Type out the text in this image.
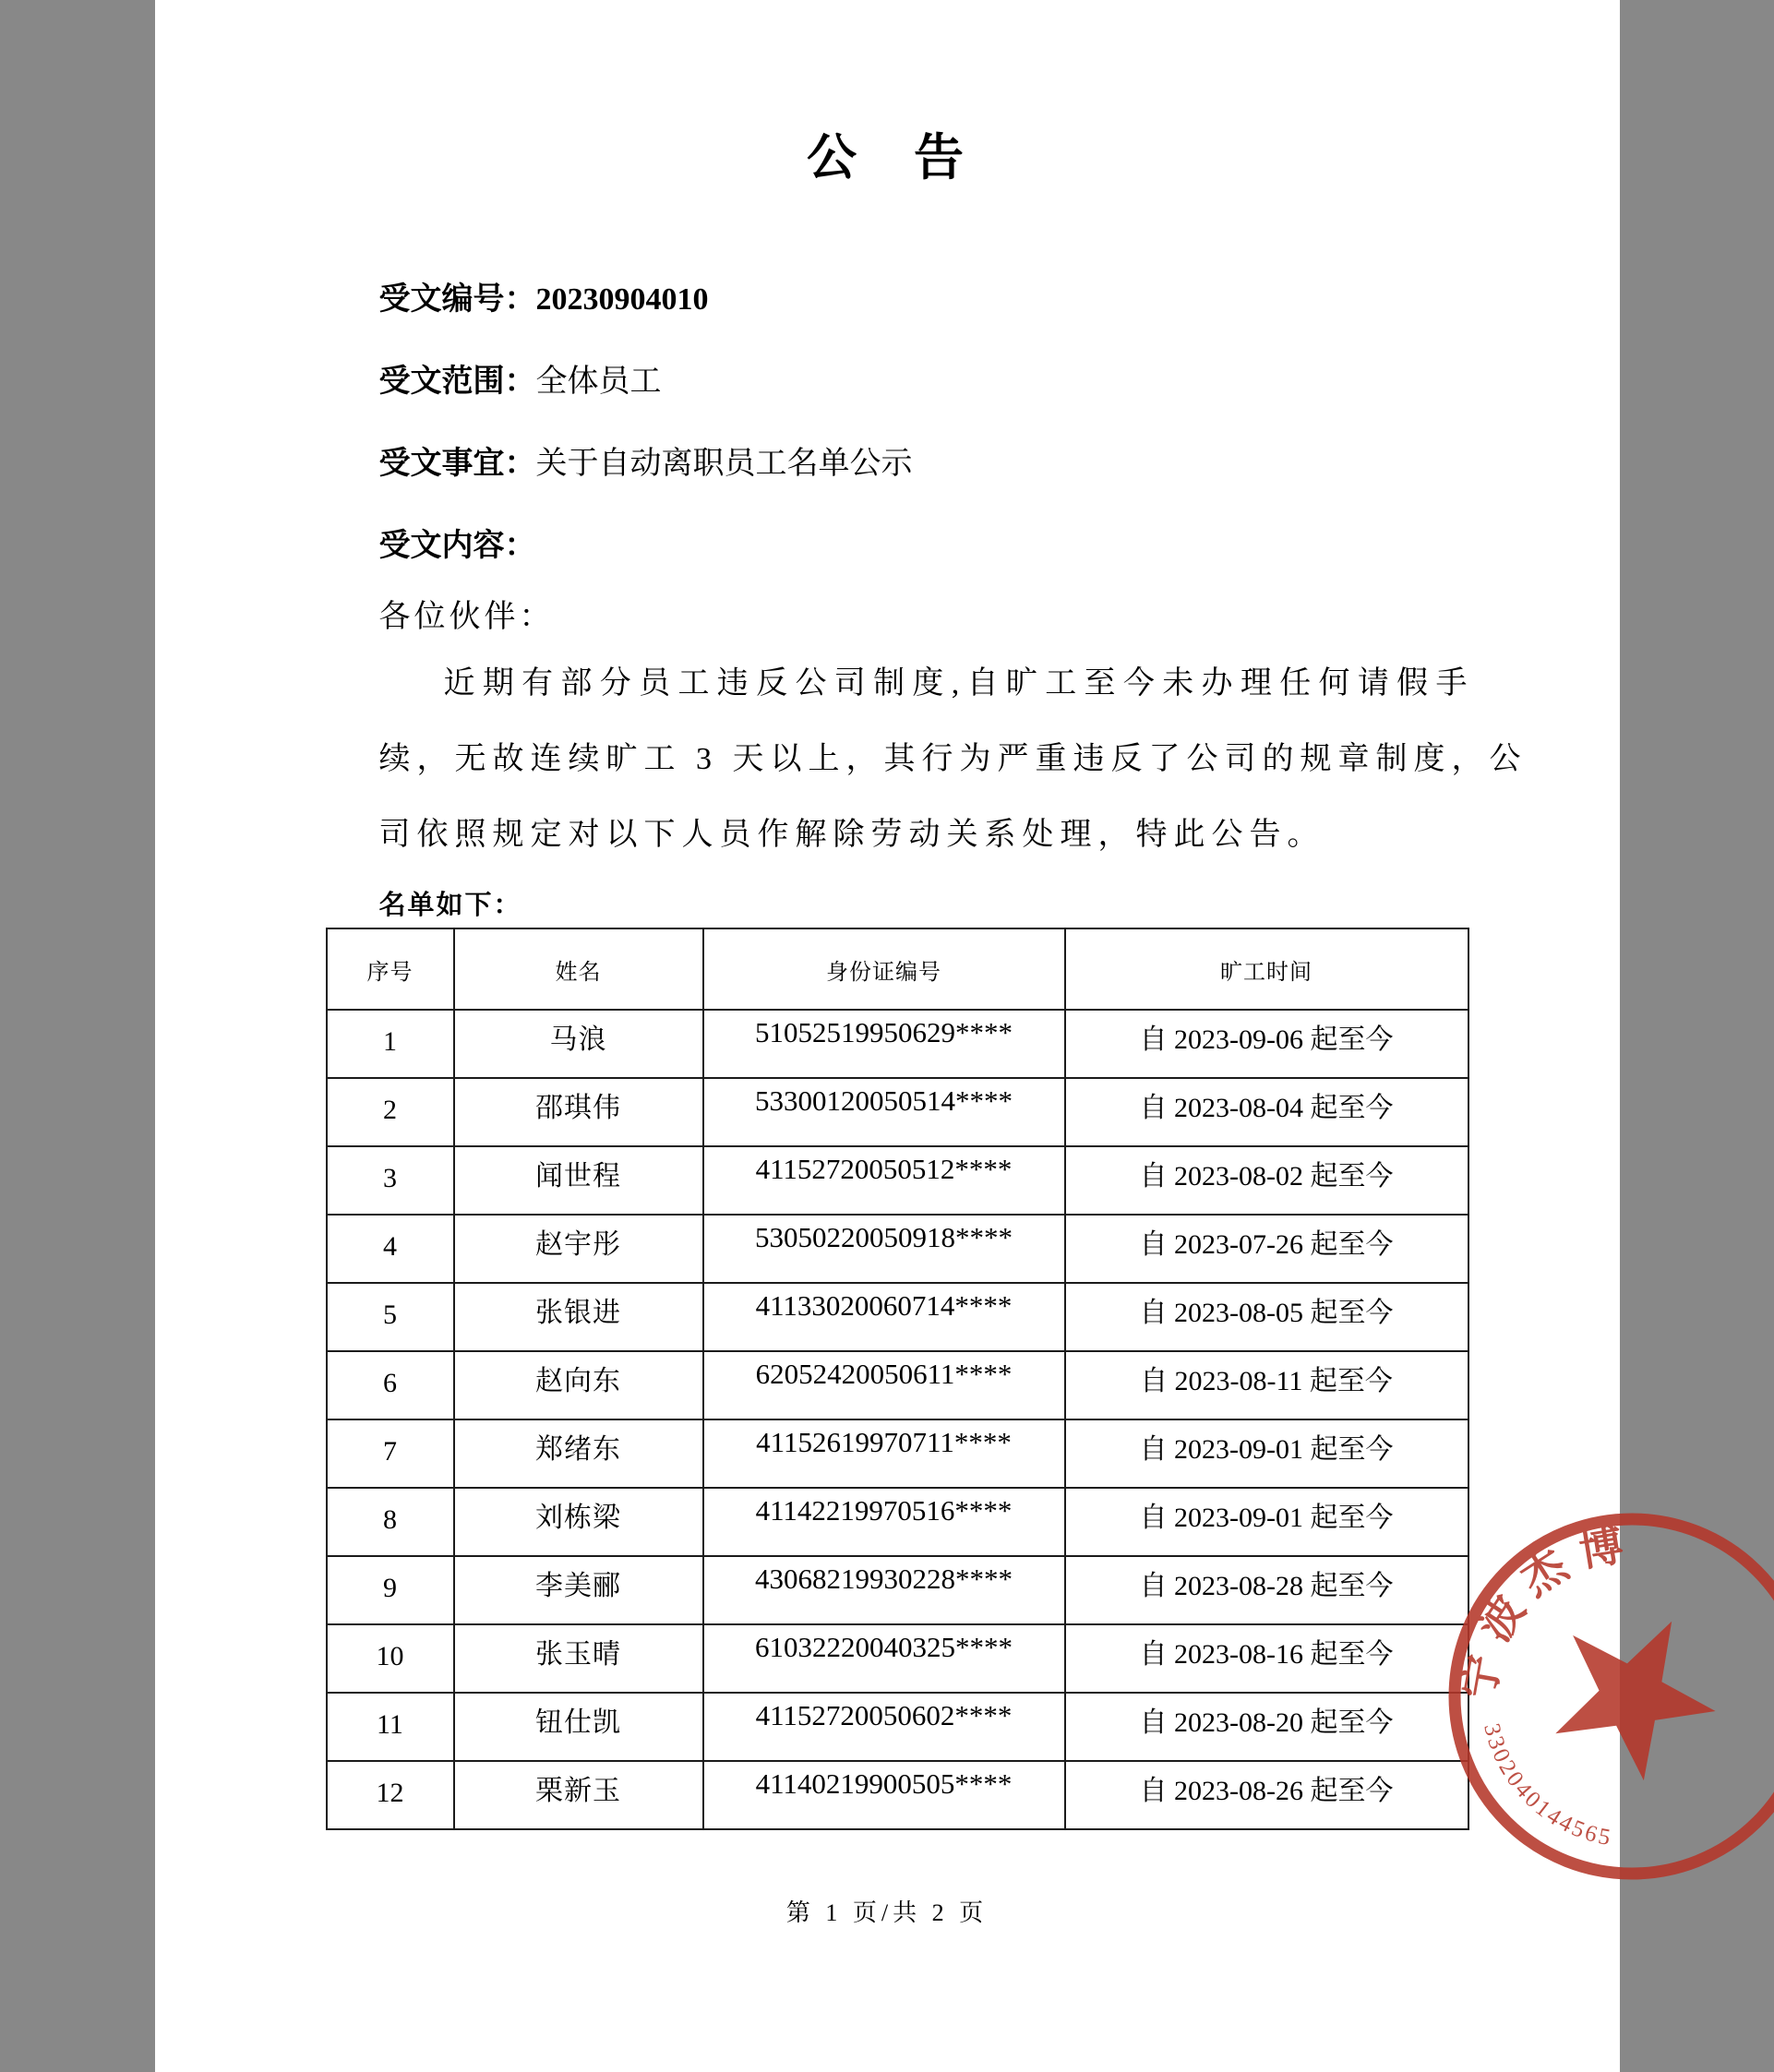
公　告
受文编号：20230904010
受文范围：全体员工
受文事宜：关于自动离职员工名单公示
受文内容：
各位伙伴：
近期有部分员工违反公司制度,自旷工至今未办理任何请假手
续，无故连续旷工 3 天以上，其行为严重违反了公司的规章制度，公
司依照规定对以下人员作解除劳动关系处理，特此公告。
名单如下：
序号	姓名	身份证编号	旷工时间
1	马浪	51052519950629****	自 2023-09-06 起至今
2	邵琪伟	53300120050514****	自 2023-08-04 起至今
3	闻世程	41152720050512****	自 2023-08-02 起至今
4	赵宇彤	53050220050918****	自 2023-07-26 起至今
5	张银进	41133020060714****	自 2023-08-05 起至今
6	赵向东	62052420050611****	自 2023-08-11 起至今
7	郑绪东	41152619970711****	自 2023-09-01 起至今
8	刘栋梁	41142219970516****	自 2023-09-01 起至今
9	李美郦	43068219930228****	自 2023-08-28 起至今
10	张玉晴	61032220040325****	自 2023-08-16 起至今
11	钮仕凯	41152720050602****	自 2023-08-20 起至今
12	栗新玉	41140219900505****	自 2023-08-26 起至今
第 1 页/共 2 页
宁波杰博
3302040144565
